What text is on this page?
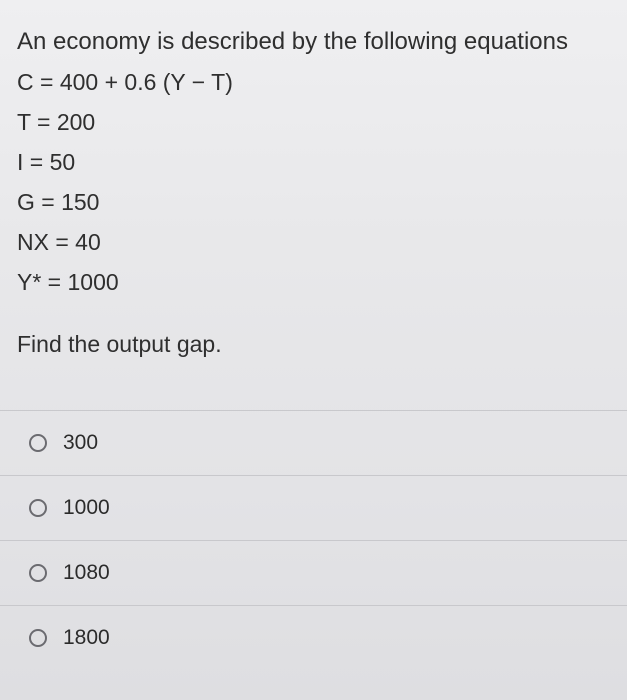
An economy is described by the following equations

C = 400 + 0.6 (Y − T)
T = 200
I = 50
G = 150
NX = 40
Y* = 1000
Find the output gap.
300
1000
1080
1800
